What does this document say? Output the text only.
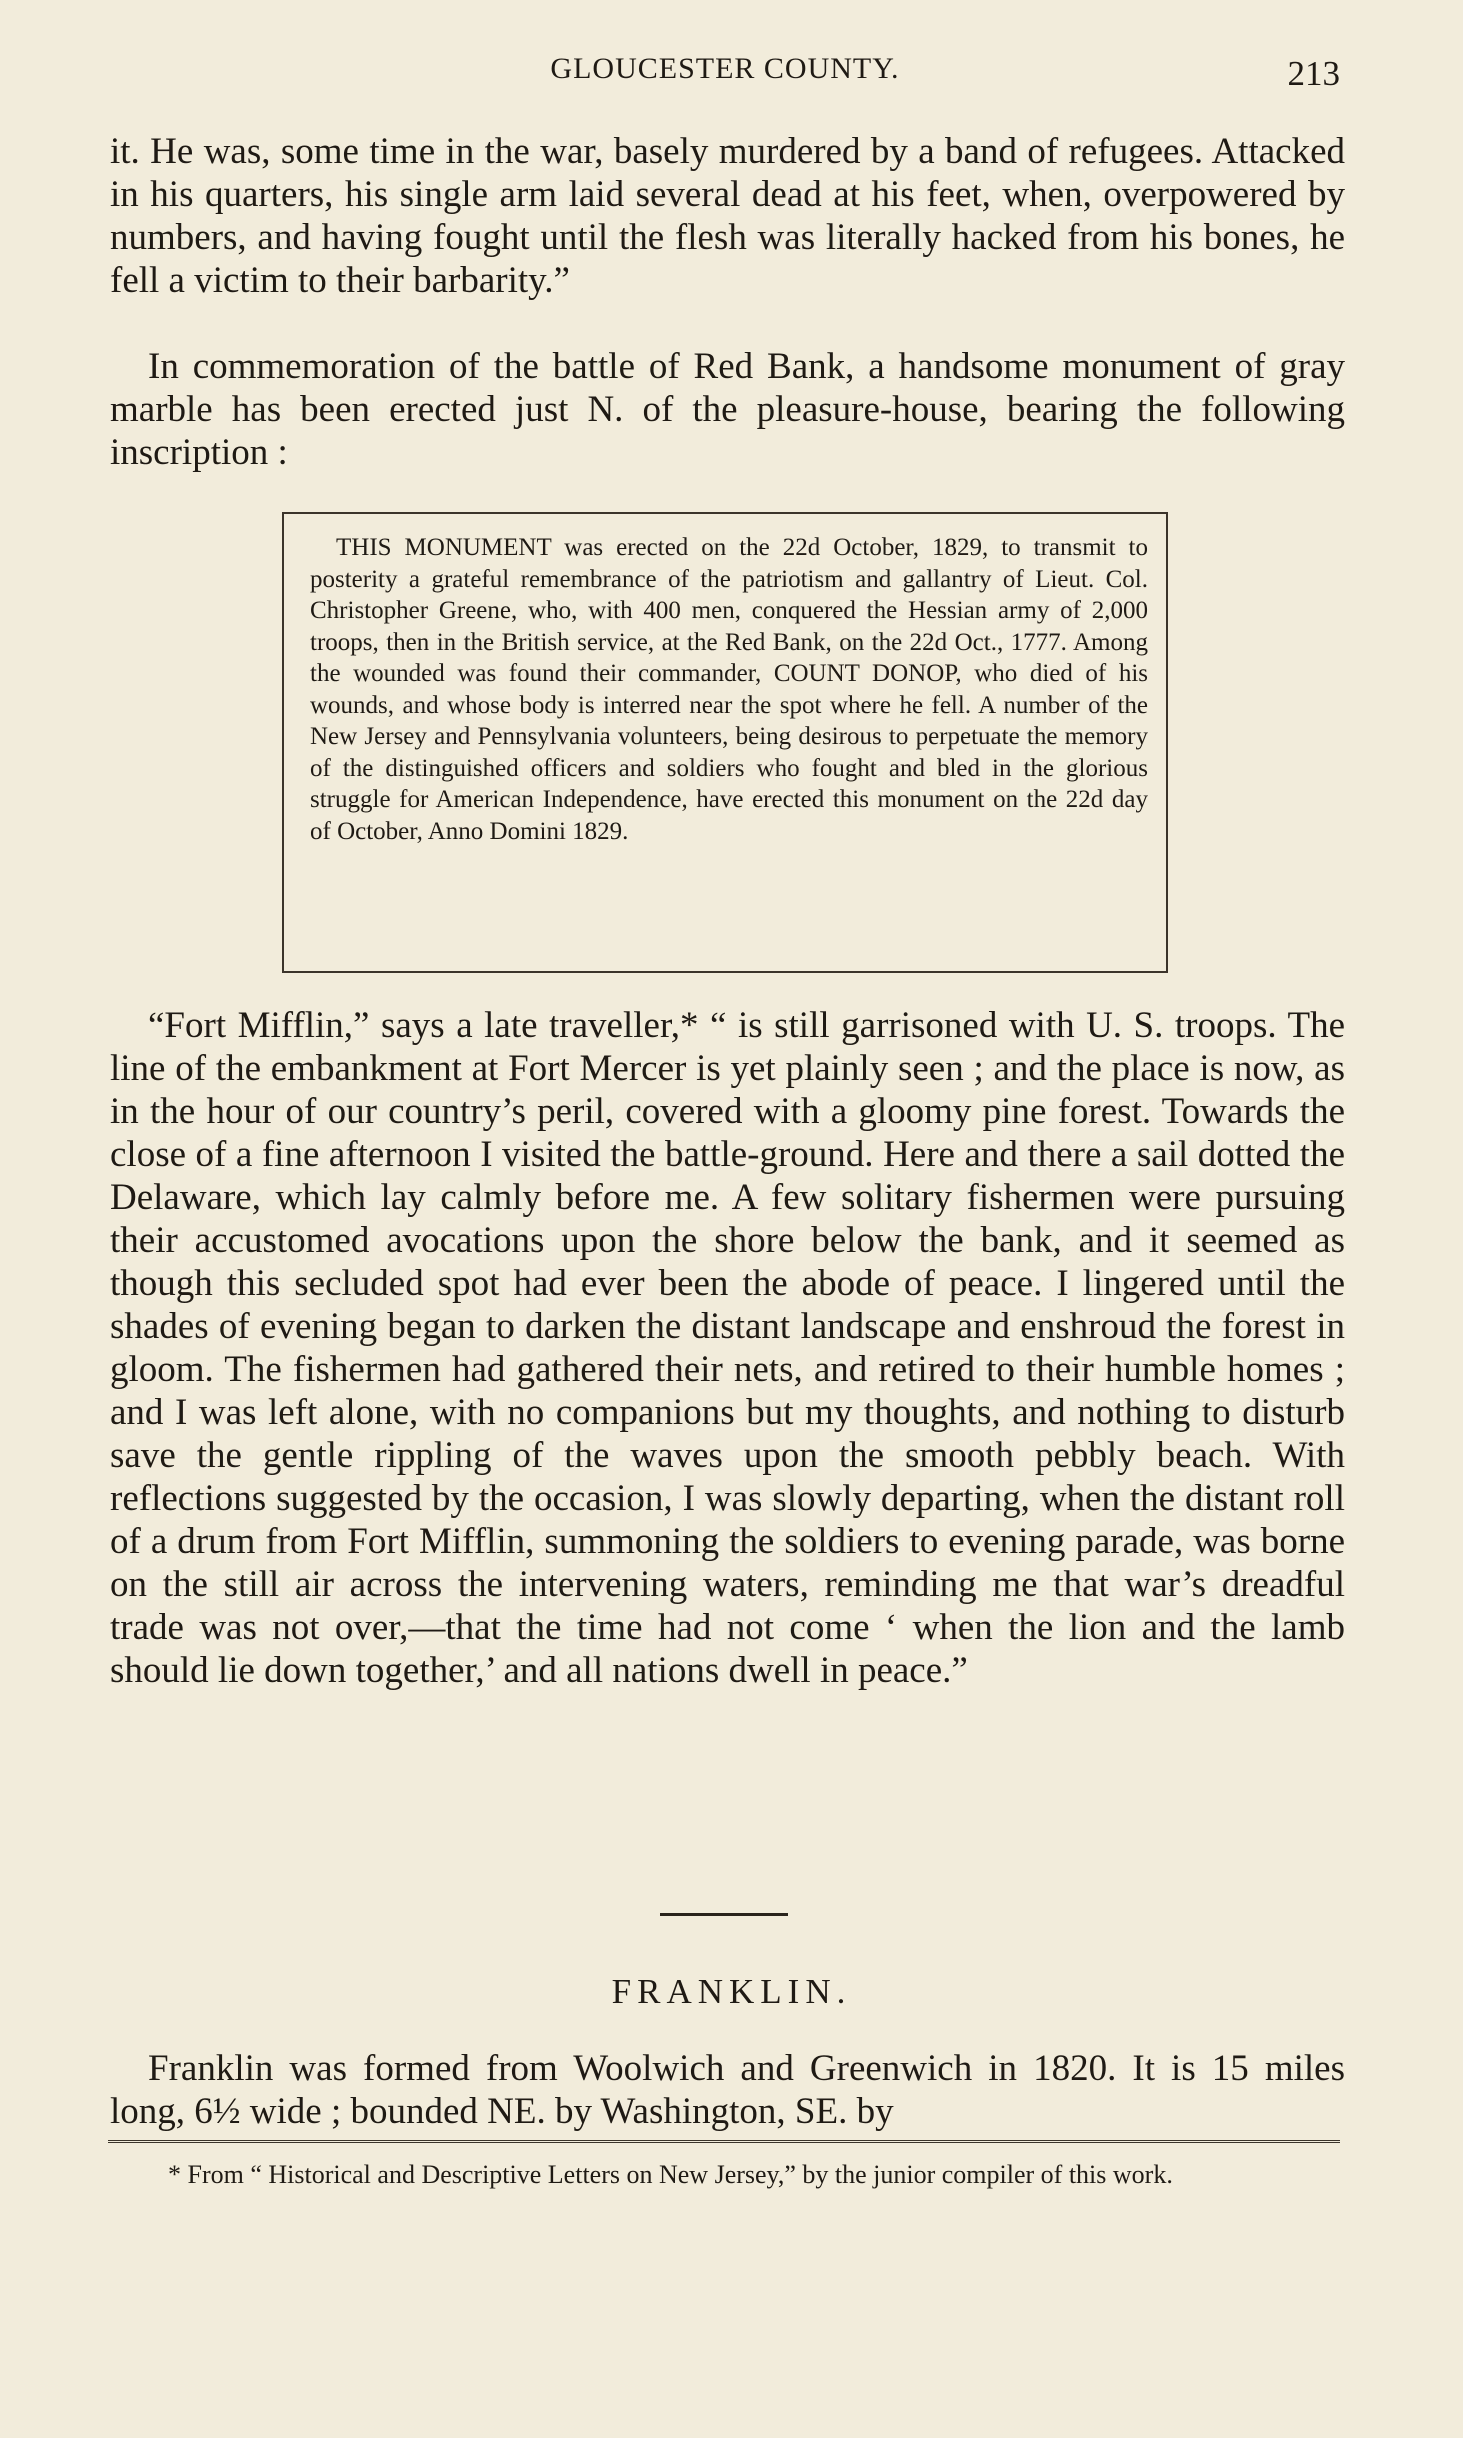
GLOUCESTER COUNTY.	213

it. He was, some time in the war, basely murdered by a band of refugees. Attacked in his quarters, his single arm laid several dead at his feet, when, overpowered by numbers, and having fought until the flesh was literally hacked from his bones, he fell a victim to their barbarity.”

In commemoration of the battle of Red Bank, a handsome monument of gray marble has been erected just N. of the pleasure-house, bearing the following inscription :

THIS MONUMENT was erected on the 22d October, 1829, to transmit to posterity a grateful remembrance of the patriotism and gallantry of Lieut. Col. Christopher Greene, who, with 400 men, conquered the Hessian army of 2,000 troops, then in the British service, at the Red Bank, on the 22d Oct., 1777. Among the wounded was found their commander, COUNT DONOP, who died of his wounds, and whose body is interred near the spot where he fell. A number of the New Jersey and Pennsylvania volunteers, being desirous to perpetuate the memory of the distinguished officers and soldiers who fought and bled in the glorious struggle for American Independence, have erected this monument on the 22d day of October, Anno Domini 1829.

“Fort Mifflin,” says a late traveller,* “ is still garrisoned with U. S. troops. The line of the embankment at Fort Mercer is yet plainly seen ; and the place is now, as in the hour of our country’s peril, covered with a gloomy pine forest. Towards the close of a fine afternoon I visited the battle-ground. Here and there a sail dotted the Delaware, which lay calmly before me. A few solitary fishermen were pursuing their accustomed avocations upon the shore below the bank, and it seemed as though this secluded spot had ever been the abode of peace. I lingered until the shades of evening began to darken the distant landscape and enshroud the forest in gloom. The fishermen had gathered their nets, and retired to their humble homes ; and I was left alone, with no companions but my thoughts, and nothing to disturb save the gentle rippling of the waves upon the smooth pebbly beach. With reflections suggested by the occasion, I was slowly departing, when the distant roll of a drum from Fort Mifflin, summoning the soldiers to evening parade, was borne on the still air across the intervening waters, reminding me that war’s dreadful trade was not over,—that the time had not come ‘ when the lion and the lamb should lie down together,’ and all nations dwell in peace.”

FRANKLIN.

Franklin was formed from Woolwich and Greenwich in 1820. It is 15 miles long, 6½ wide ; bounded NE. by Washington, SE. by

* From “ Historical and Descriptive Letters on New Jersey,” by the junior compiler of this work.
